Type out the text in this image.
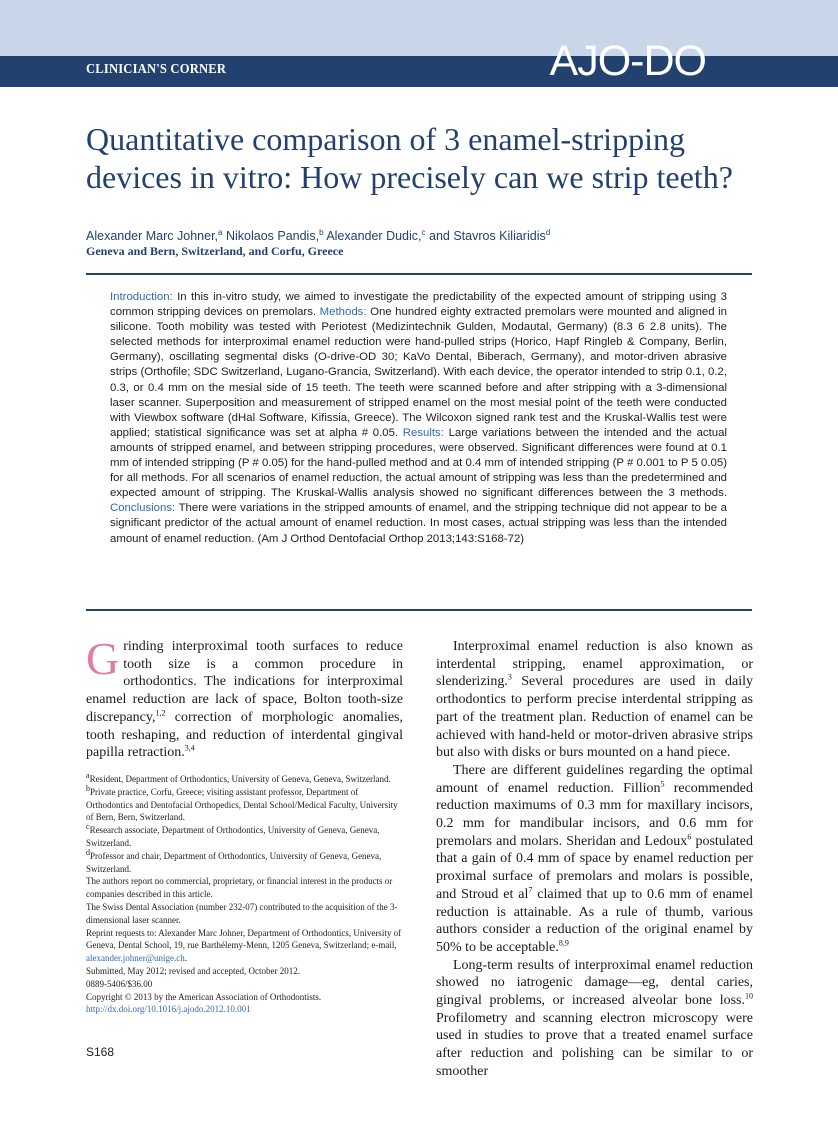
CLINICIAN'S CORNER	AJO-DO
Quantitative comparison of 3 enamel-stripping devices in vitro: How precisely can we strip teeth?
Alexander Marc Johner,$^a$ Nikolaos Pandis,$^b$ Alexander Dudic,$^c$ and Stavros Kiliaridis$^d$
Geneva and Bern, Switzerland, and Corfu, Greece
Introduction: In this in-vitro study, we aimed to investigate the predictability of the expected amount of stripping using 3 common stripping devices on premolars. Methods: One hundred eighty extracted premolars were mounted and aligned in silicone. Tooth mobility was tested with Periotest (Medizintechnik Gulden, Modautal, Germany) (8.3 6 2.8 units). The selected methods for interproximal enamel reduction were hand-pulled strips (Horico, Hapf Ringleb & Company, Berlin, Germany), oscillating segmental disks (O-drive-OD 30; KaVo Dental, Biberach, Germany), and motor-driven abrasive strips (Orthofile; SDC Switzerland, Lugano-Grancia, Switzerland). With each device, the operator intended to strip 0.1, 0.2, 0.3, or 0.4 mm on the mesial side of 15 teeth. The teeth were scanned before and after stripping with a 3-dimensional laser scanner. Superposition and measurement of stripped enamel on the most mesial point of the teeth were conducted with Viewbox software (dHal Software, Kifissia, Greece). The Wilcoxon signed rank test and the Kruskal-Wallis test were applied; statistical significance was set at alpha # 0.05. Results: Large variations between the intended and the actual amounts of stripped enamel, and between stripping procedures, were observed. Significant differences were found at 0.1 mm of intended stripping (P # 0.05) for the hand-pulled method and at 0.4 mm of intended stripping (P # 0.001 to P 5 0.05) for all methods. For all scenarios of enamel reduction, the actual amount of stripping was less than the predetermined and expected amount of stripping. The Kruskal-Wallis analysis showed no significant differences between the 3 methods. Conclusions: There were variations in the stripped amounts of enamel, and the stripping technique did not appear to be a significant predictor of the actual amount of enamel reduction. In most cases, actual stripping was less than the intended amount of enamel reduction. (Am J Orthod Dentofacial Orthop 2013;143:S168-72)

Grinding interproximal tooth surfaces to reduce tooth size is a common procedure in orthodontics. The indications for interproximal enamel reduction are lack of space, Bolton tooth-size discrepancy,$^{1,2}$ correction of morphologic anomalies, tooth reshaping, and reduction of interdental gingival papilla retraction.$^{3,4}$

$^a$Resident, Department of Orthodontics, University of Geneva, Geneva, Switzerland.
$^b$Private practice, Corfu, Greece; visiting assistant professor, Department of Orthodontics and Dentofacial Orthopedics, Dental School/Medical Faculty, University of Bern, Bern, Switzerland.
$^c$Research associate, Department of Orthodontics, University of Geneva, Geneva, Switzerland.
$^d$Professor and chair, Department of Orthodontics, University of Geneva, Geneva, Switzerland.
The authors report no commercial, proprietary, or financial interest in the products or companies described in this article.
The Swiss Dental Association (number 232-07) contributed to the acquisition of the 3-dimensional laser scanner.
Reprint requests to: Alexander Marc Johner, Department of Orthodontics, University of Geneva, Dental School, 19, rue Barthélemy-Menn, 1205 Geneva, Switzerland; e-mail, alexander.johner@unige.ch.
Submitted, May 2012; revised and accepted, October 2012.
0889-5406/$36.00
Copyright © 2013 by the American Association of Orthodontists.
http://dx.doi.org/10.1016/j.ajodo.2012.10.001
S168

Interproximal enamel reduction is also known as interdental stripping, enamel approximation, or slenderizing.$^3$ Several procedures are used in daily orthodontics to perform precise interdental stripping as part of the treatment plan. Reduction of enamel can be achieved with hand-held or motor-driven abrasive strips but also with disks or burs mounted on a hand piece.

There are different guidelines regarding the optimal amount of enamel reduction. Fillion$^5$ recommended reduction maximums of 0.3 mm for maxillary incisors, 0.2 mm for mandibular incisors, and 0.6 mm for premolars and molars. Sheridan and Ledoux$^6$ postulated that a gain of 0.4 mm of space by enamel reduction per proximal surface of premolars and molars is possible, and Stroud et $al^7$ claimed that up to 0.6 mm of enamel reduction is attainable. As a rule of thumb, various authors consider a reduction of the original enamel by 50% to be acceptable.$^{8,9}$

Long-term results of interproximal enamel reduction showed no iatrogenic damage—eg, dental caries, gingival problems, or increased alveolar bone loss.$^{10}$ Profilometry and scanning electron microscopy were used in studies to prove that a treated enamel surface after reduction and polishing can be similar to or smoother
